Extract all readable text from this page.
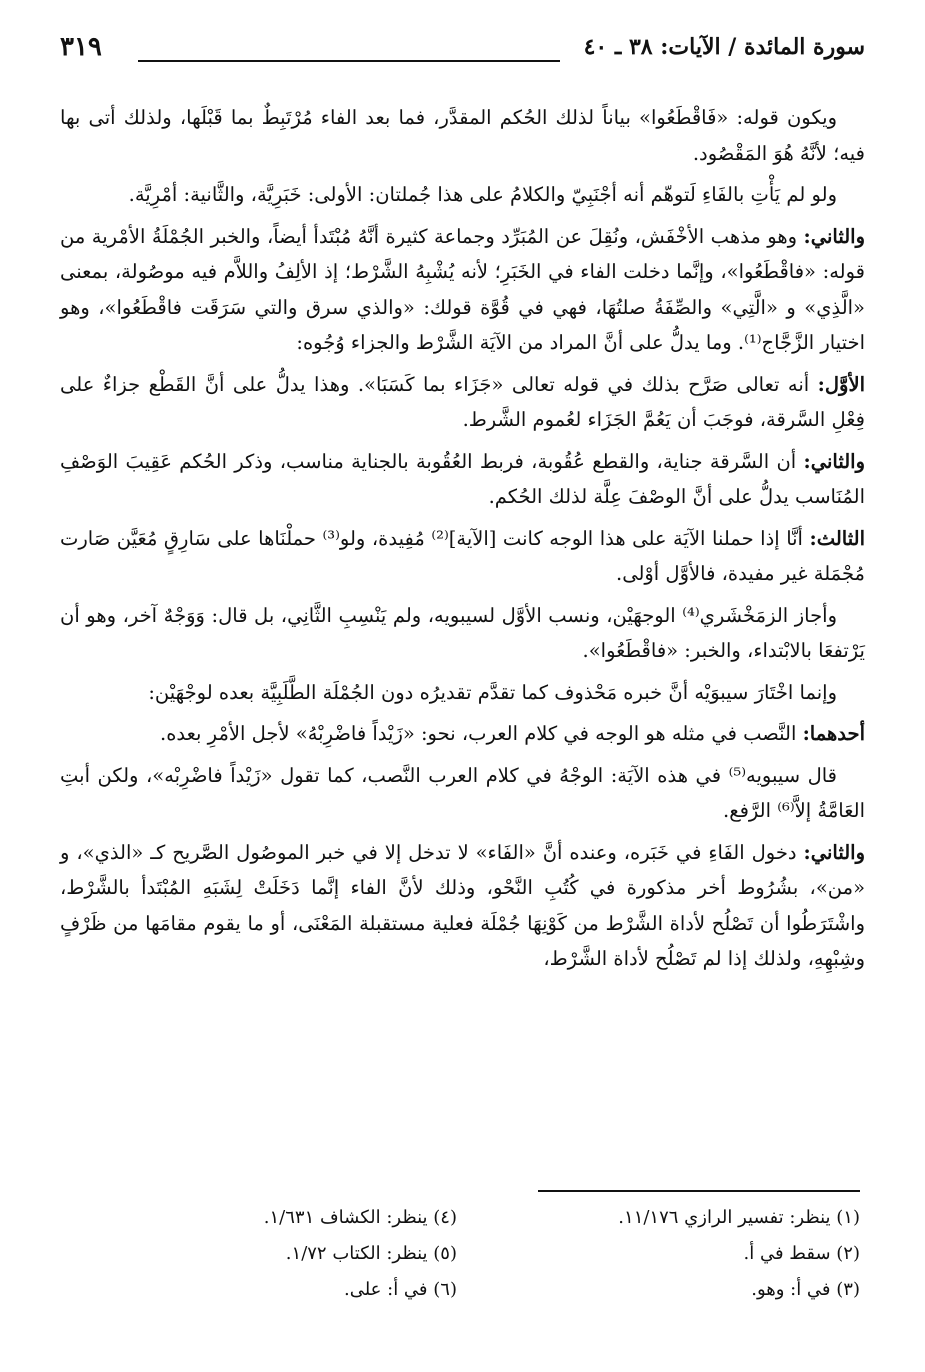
سورة المائدة / الآيات: ٣٨ ـ ٤٠
٣١٩

ويكون قوله: «فَاقْطَعُوا» بياناً لذلك الحُكم المقدَّر، فما بعد الفاء مُرْتَبِطٌ بما قَبْلَها، ولذلك أتى بها فيه؛ لأنَّهُ هُوَ المَقْصُود.

ولو لم يَأْتِ بالفَاءِ لَتوهّم أنه أجْنَبِيّ والكلامُ على هذا جُملتان: الأولى: خَبَرِيَّة، والثَّانية: أمْرِيَّة.

والثاني: وهو مذهب الأخْفَش، ونُقِلَ عن المُبَرِّد وجماعة كثيرة أنَّهُ مُبْتَدأ أيضاً، والخبر الجُمْلَةُ الأمْرية من قوله: «فاقْطَعُوا»، وإنَّما دخلت الفاء في الخَبَرِ؛ لأنه يُشْبِهُ الشَّرْط؛ إذ الألِفُ واللاَّم فيه موصُولة، بمعنى «الَّذِي» و «الَّتِي» والصِّفَةُ صلتُهَا، فهي في قُوَّة قولك: «والذي سرق والتي سَرَقَت فاقْطَعُوا»، وهو اختيار الزَّجَّاج⁽¹⁾. وما يدلُّ على أنَّ المراد من الآيَة الشَّرْط والجزاء وُجُوه:

الأوَّل: أنه تعالى صَرَّح بذلك في قوله تعالى «جَزَاء بما كَسَبَا». وهذا يدلُّ على أنَّ القَطْع جزاءٌ على فِعْلِ السَّرقة، فوجَبَ أن يَعُمَّ الجَزَاء لعُموم الشَّرط.

والثاني: أن السَّرقة جناية، والقطع عُقُوبة، فربط العُقُوبة بالجناية مناسب، وذكر الحُكم عَقِيبَ الوَصْفِ المُنَاسب يدلُّ على أنَّ الوصْفَ عِلَّة لذلك الحُكم.

الثالث: أنَّا إذا حملنا الآيَة على هذا الوجه كانت [الآية]⁽²⁾ مُفِيدة، ولو⁽³⁾ حملْنَاها على سَارِقٍ مُعَيَّن صَارت مُجْمَلة غير مفيدة، فالأوَّل أوْلى.

وأجاز الزمَخْشَري⁽⁴⁾ الوجهَيْن، ونسب الأوَّل لسيبويه، ولم يَنْسِبِ الثَّانِي، بل قال: وَوَجْهٌ آخر، وهو أن يَرْتفعَا بالابْتداء، والخبر: «فاقْطَعُوا».

وإنما اخْتَارَ سيبوَيْه أنَّ خبره مَحْذوف كما تقدَّم تقديرُه دون الجُمْلَة الطَّلَبِيَّة بعده لوجْهَيْن:

أحدهما: النَّصب في مثله هو الوجه في كلام العرب، نحو: «زَيْداً فاضْرِبْهُ» لأجل الأمْرِ بعده.

قال سيبويه⁽⁵⁾ في هذه الآيَة: الوجْهُ في كلام العرب النَّصب، كما تقول «زَيْداً فاضْرِبْه»، ولكن أبتِ العَامَّةُ إلاَّ⁽⁶⁾ الرَّفع.

والثاني: دخول الفَاءِ في خَبَره، وعنده أنَّ «الفَاء» لا تدخل إلا في خبر الموصُول الصَّريح كـ «الذي»، و «من»، بشُرُوط أخر مذكورة في كُتُبِ النَّحْو، وذلك لأنَّ الفاء إنَّما دَخَلَتْ لِشَبَهِ المُبْتَدأ بالشَّرْط، واشْتَرَطُوا أن تَصْلُح لأداة الشَّرْط من كَوْنِهَا جُمْلَة فعلية مستقبلة المَعْنَى، أو ما يقوم مقامَها من ظَرْفٍ وشِبْهِهِ، ولذلك إذا لم تَصْلُح لأداة الشَّرْط،

(١) ينظر: تفسير الرازي ١١/١٧٦.
(٢) سقط في أ.
(٣) في أ: وهو.
(٤) ينظر: الكشاف ١/٦٣١.
(٥) ينظر: الكتاب ١/٧٢.
(٦) في أ: على.
